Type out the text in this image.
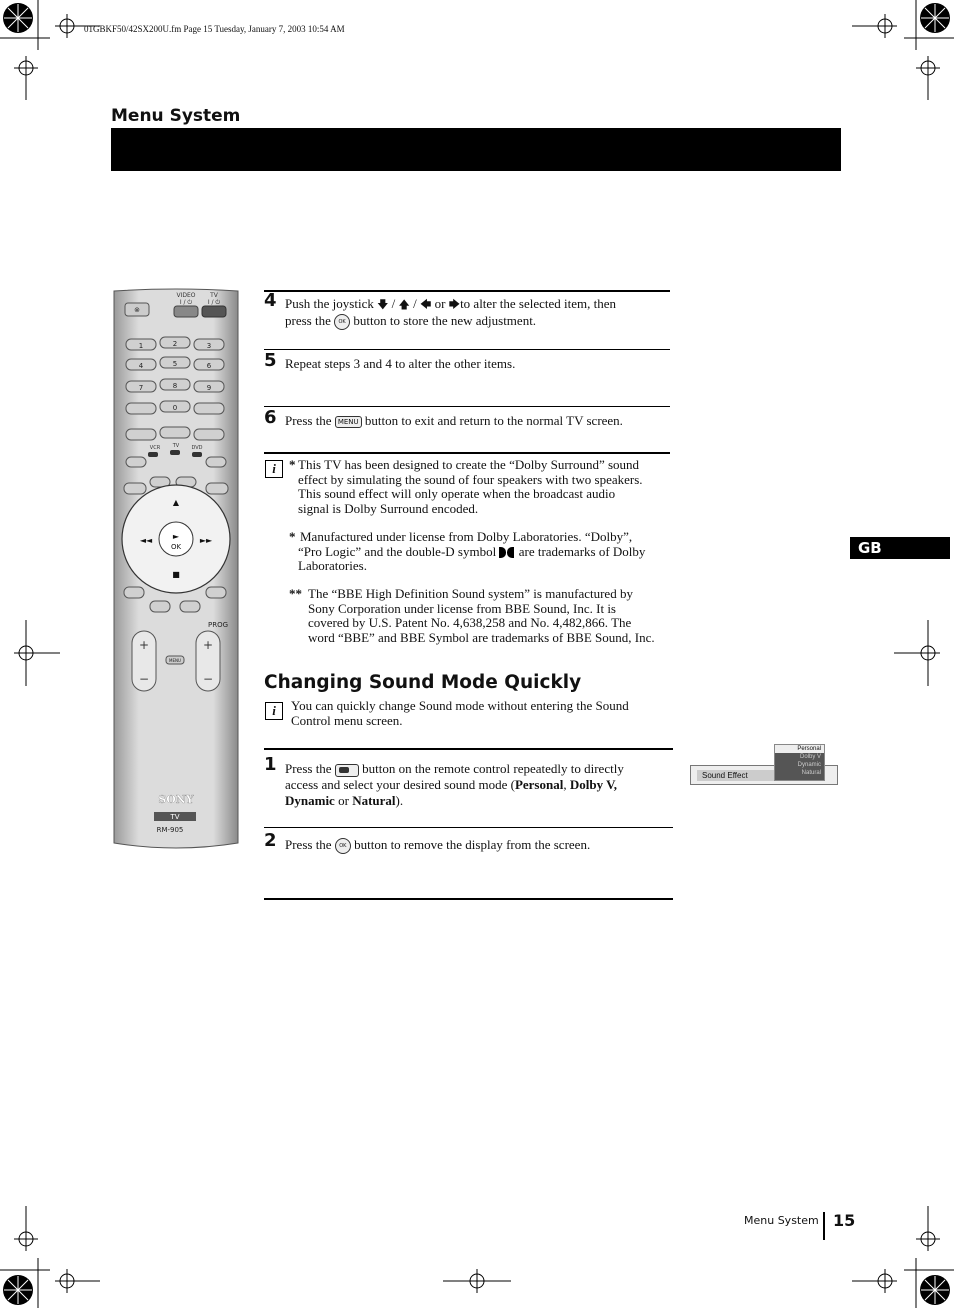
01GBKF50/42SX200U.fm Page 15 Tuesday, January 7, 2003 10:54 AM
Menu System
GB
⊗
VIDEO TV
I / ⏻	I / ⏻
1	2	3
4	5	6
7	8	9
0
VCR	TV DVD
OK
►
▲
■
◄◄	►►
PROG
+
−
+
−
MENU
SONY
TV
RM-905
4 Push the joystick 🡇 / 🡅 / 🡄 or 🡆to alter the selected item, then
press the OK button to store the new adjustment.
5 Repeat steps 3 and 4 to alter the other items.
6 Press the MENU button to exit and return to the normal TV screen.
i	* This TV has been designed to create the “Dolby Surround” sound
effect by simulating the sound of four speakers with two speakers.
This sound effect will only operate when the broadcast audio
signal is Dolby Surround encoded.
* Manufactured under license from Dolby Laboratories. “Dolby”,
“Pro Logic” and the double-D symbol are trademarks of Dolby
Laboratories.
** The “BBE High Definition Sound system” is manufactured by
Sony Corporation under license from BBE Sound, Inc. It is
covered by U.S. Patent No. 4,638,258 and No. 4,482,866. The
word “BBE” and BBE Symbol are trademarks of BBE Sound, Inc.
Changing Sound Mode Quickly
i	You can quickly change Sound mode without entering the Sound
Control menu screen.
1 Press the button on the remote control repeatedly to directly
access and select your desired sound mode (Personal, Dolby V,
Dynamic or Natural).
2 Press the OK button to remove the display from the screen.
Sound Effect
Personal
Dolby V
Dynamic
Natural
Menu System 15
